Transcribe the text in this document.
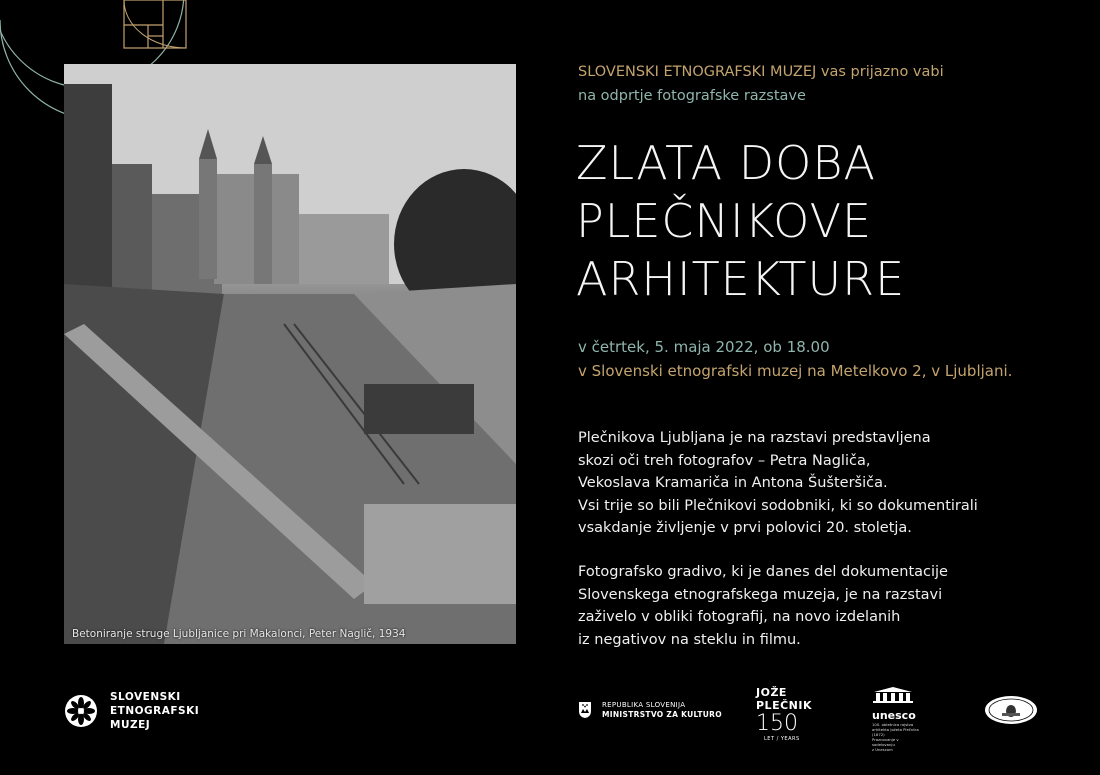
Betoniranje struge Ljubljanice pri Makalonci, Peter Naglič, 1934
SLOVENSKI ETNOGRAFSKI MUZEJ vas prijazno vabi
na odprtje fotografske razstave
ZLATA DOBA
PLEČNIKOVE
ARHITEKTURE
v četrtek, 5. maja 2022, ob 18.00
v Slovenski etnografski muzej na Metelkovo 2, v Ljubljani.
Plečnikova Ljubljana je na razstavi predstavljena
skozi oči treh fotografov – Petra Nagliča,
Vekoslava Kramariča in Antona Šušteršiča.
Vsi trije so bili Plečnikovi sodobniki, ki so dokumentirali
vsakdanje življenje v prvi polovici 20. stoletja.
Fotografsko gradivo, ki je danes del dokumentacije
Slovenskega etnografskega muzeja, je na razstavi
zaživelo v obliki fotografij, na novo izdelanih
iz negativov na steklu in filmu.
SLOVENSKI
ETNOGRAFSKI
MUZEJ
REPUBLIKA SLOVENIJA
MINISTRSTVO ZA KULTURO
JOŽE
PLEČNIK
150
LET / YEARS
unesco
100. obletnica rojstva
arhitekta Jožeta Plečnika
(1872)
Praznovanje v sodelovanju
z Unescom
